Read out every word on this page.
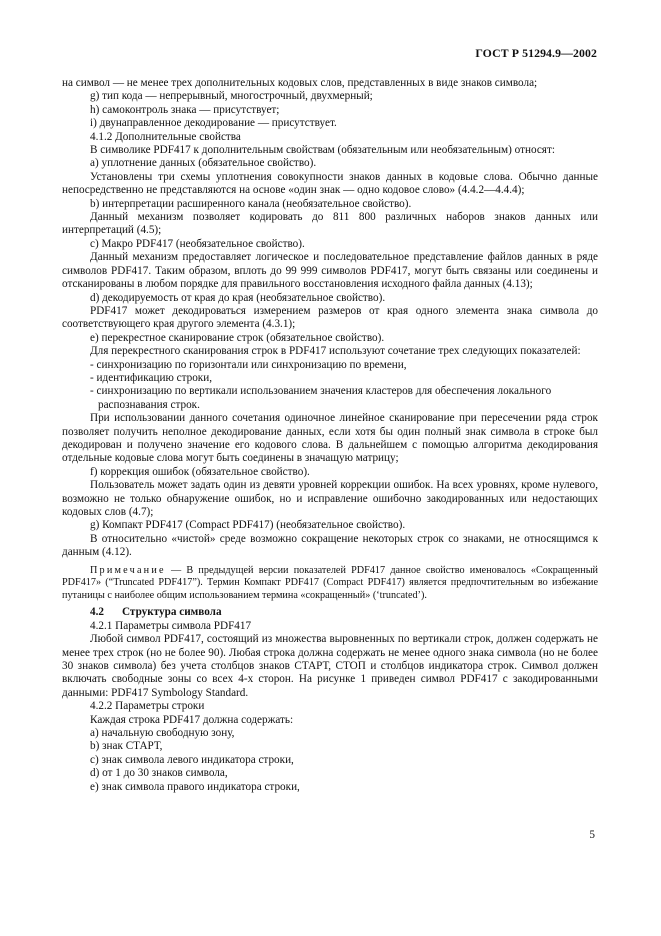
ГОСТ Р 51294.9—2002
на символ — не менее трех дополнительных кодовых слов, представленных в виде знаков символа;
g) тип кода — непрерывный, многострочный, двухмерный;
h) самоконтроль знака — присутствует;
i) двунаправленное декодирование — присутствует.
4.1.2 Дополнительные свойства
В символике PDF417 к дополнительным свойствам (обязательным или необязательным) относят:
а) уплотнение данных (обязательное свойство).
Установлены три схемы уплотнения совокупности знаков данных в кодовые слова. Обычно данные непосредственно не представляются на основе «один знак — одно кодовое слово» (4.4.2—4.4.4);
b) интерпретации расширенного канала (необязательное свойство).
Данный механизм позволяет кодировать до 811 800 различных наборов знаков данных или интерпретаций (4.5);
с) Макро PDF417 (необязательное свойство).
Данный механизм предоставляет логическое и последовательное представление файлов данных в ряде символов PDF417. Таким образом, вплоть до 99 999 символов PDF417, могут быть связаны или соединены и отсканированы в любом порядке для правильного восстановления исходного файла данных (4.13);
d) декодируемость от края до края (необязательное свойство).
PDF417 может декодироваться измерением размеров от края одного элемента знака символа до соответствующего края другого элемента (4.3.1);
е) перекрестное сканирование строк (обязательное свойство).
Для перекрестного сканирования строк в PDF417 используют сочетание трех следующих показателей:
- синхронизацию по горизонтали или синхронизацию по времени,
- идентификацию строки,
- синхронизацию по вертикали использованием значения кластеров для обеспечения локального
распознавания строк.
При использовании данного сочетания одиночное линейное сканирование при пересечении ряда строк позволяет получить неполное декодирование данных, если хотя бы один полный знак символа в строке был декодирован и получено значение его кодового слова. В дальнейшем с помощью алгоритма декодирования отдельные кодовые слова могут быть соединены в значащую матрицу;
f) коррекция ошибок (обязательное свойство).
Пользователь может задать один из девяти уровней коррекции ошибок. На всех уровнях, кроме нулевого, возможно не только обнаружение ошибок, но и исправление ошибочно закодированных или недостающих кодовых слов (4.7);
g) Компакт PDF417 (Compact PDF417) (необязательное свойство).
В относительно «чистой» среде возможно сокращение некоторых строк со знаками, не относящимся к данным (4.12).
Примечание — В предыдущей версии показателей PDF417 данное свойство именовалось «Сокращенный PDF417» (“Truncated PDF417”). Термин Компакт PDF417 (Compact PDF417) является предпочтительным во избежание путаницы с наиболее общим использованием термина «сокращенный» (‘truncated’).
4.2 Структура символа
4.2.1 Параметры символа PDF417
Любой символ PDF417, состоящий из множества выровненных по вертикали строк, должен содержать не менее трех строк (но не более 90). Любая строка должна содержать не менее одного знака символа (но не более 30 знаков символа) без учета столбцов знаков СТАРТ, СТОП и столбцов индикатора строк. Символ должен включать свободные зоны со всех 4-х сторон. На рисунке 1 приведен символ PDF417 с закодированными данными: PDF417 Symbology Standard.
4.2.2 Параметры строки
Каждая строка PDF417 должна содержать:
а) начальную свободную зону,
b) знак СТАРТ,
с) знак символа левого индикатора строки,
d) от 1 до 30 знаков символа,
е) знак символа правого индикатора строки,
5
